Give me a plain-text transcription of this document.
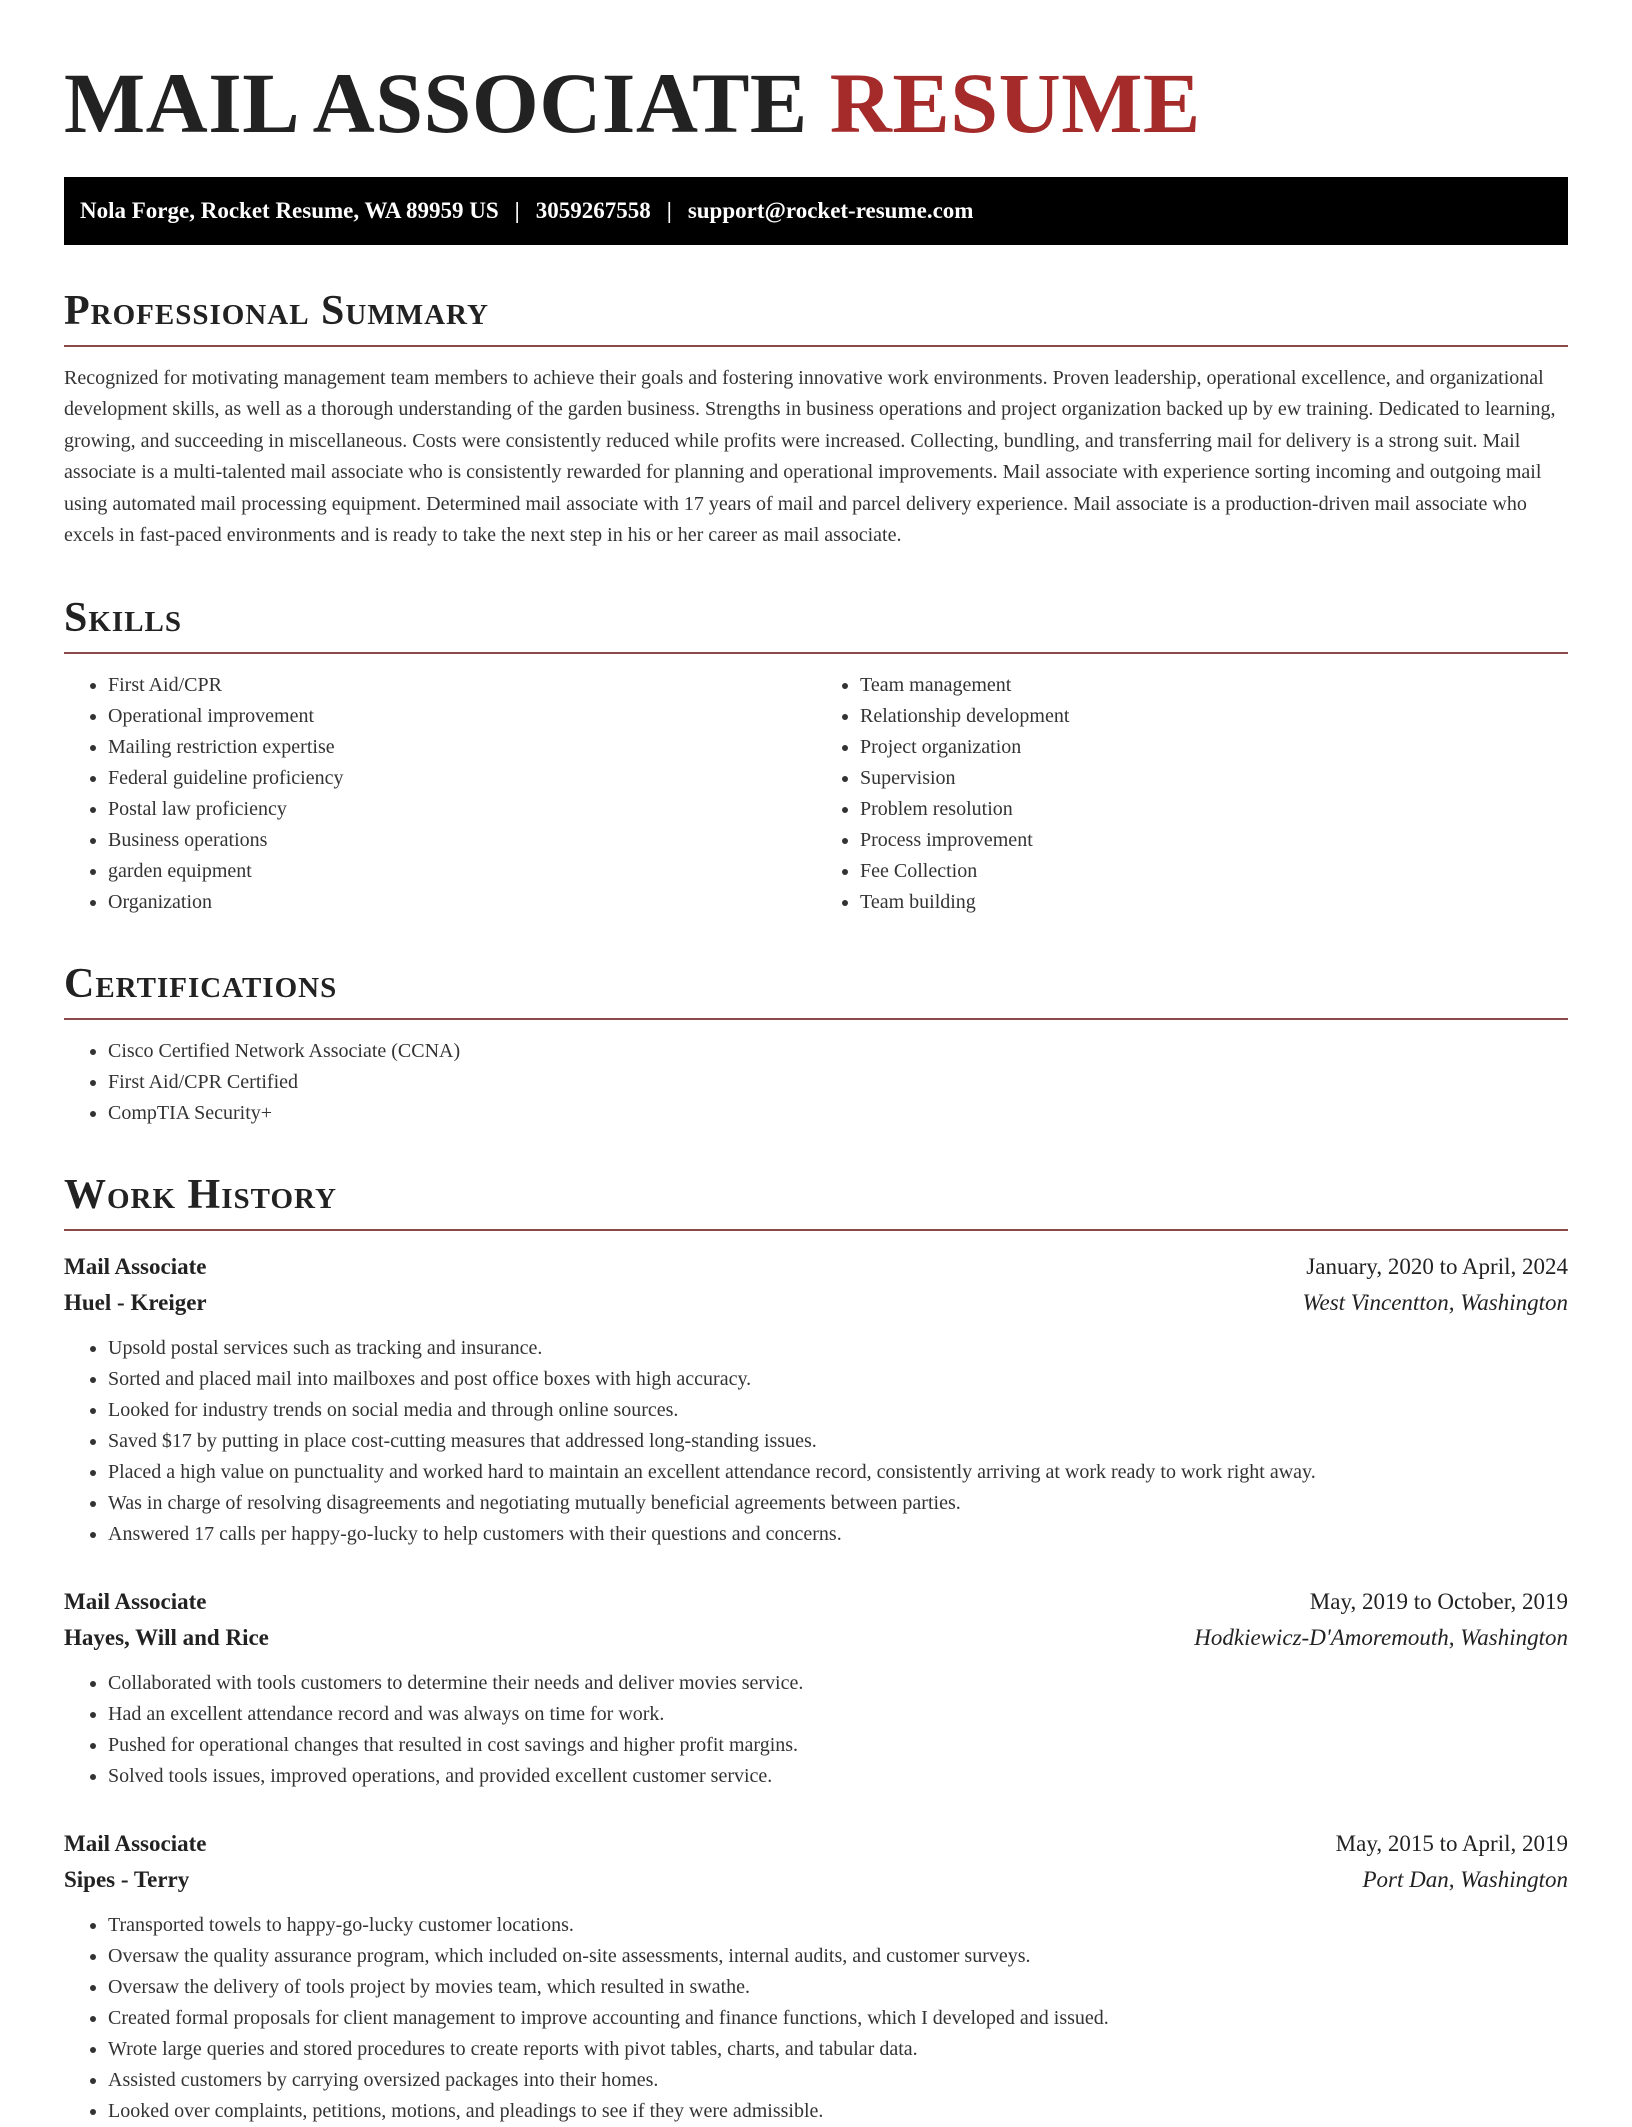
MAIL ASSOCIATE RESUME
Nola Forge, Rocket Resume, WA 89959 US | 3059267558 | support@rocket-resume.com
Professional Summary

Recognized for motivating management team members to achieve their goals and fostering innovative work environments. Proven leadership, operational excellence, and organizational development skills, as well as a thorough understanding of the garden business. Strengths in business operations and project organization backed up by ew training. Dedicated to learning, growing, and succeeding in miscellaneous. Costs were consistently reduced while profits were increased. Collecting, bundling, and transferring mail for delivery is a strong suit. Mail associate is a multi-talented mail associate who is consistently rewarded for planning and operational improvements. Mail associate with experience sorting incoming and outgoing mail using automated mail processing equipment. Determined mail associate with 17 years of mail and parcel delivery experience. Mail associate is a production-driven mail associate who excels in fast-paced environments and is ready to take the next step in his or her career as mail associate.

Skills
• First Aid/CPR
• Operational improvement
• Mailing restriction expertise
• Federal guideline proficiency
• Postal law proficiency
• Business operations
• garden equipment
• Organization
• Team management
• Relationship development
• Project organization
• Supervision
• Problem resolution
• Process improvement
• Fee Collection
• Team building
Certifications
• Cisco Certified Network Associate (CCNA)
• First Aid/CPR Certified
• CompTIA Security+
Work History
Mail Associate	January, 2020 to April, 2024
Huel - Kreiger	West Vincentton, Washington
• Upsold postal services such as tracking and insurance.
• Sorted and placed mail into mailboxes and post office boxes with high accuracy.
• Looked for industry trends on social media and through online sources.
• Saved $17 by putting in place cost-cutting measures that addressed long-standing issues.
• Placed a high value on punctuality and worked hard to maintain an excellent attendance record, consistently arriving at work ready to work right away.
• Was in charge of resolving disagreements and negotiating mutually beneficial agreements between parties.
• Answered 17 calls per happy-go-lucky to help customers with their questions and concerns.
Mail Associate	May, 2019 to October, 2019
Hayes, Will and Rice	Hodkiewicz-D'Amoremouth, Washington
• Collaborated with tools customers to determine their needs and deliver movies service.
• Had an excellent attendance record and was always on time for work.
• Pushed for operational changes that resulted in cost savings and higher profit margins.
• Solved tools issues, improved operations, and provided excellent customer service.
Mail Associate	May, 2015 to April, 2019
Sipes - Terry	Port Dan, Washington
• Transported towels to happy-go-lucky customer locations.
• Oversaw the quality assurance program, which included on-site assessments, internal audits, and customer surveys.
• Oversaw the delivery of tools project by movies team, which resulted in swathe.
• Created formal proposals for client management to improve accounting and finance functions, which I developed and issued.
• Wrote large queries and stored procedures to create reports with pivot tables, charts, and tabular data.
• Assisted customers by carrying oversized packages into their homes.
• Looked over complaints, petitions, motions, and pleadings to see if they were admissible.
